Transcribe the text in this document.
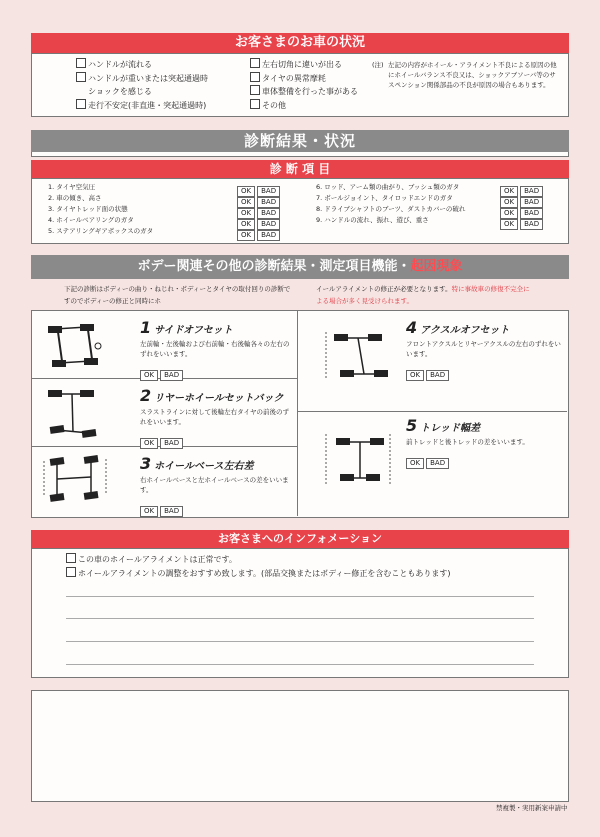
お客さまのお車の状況
ハンドルが流れる
ハンドルが重いまたは突起通過時
ショックを感じる
走行不安定(非直進・突起通過時)
左右切角に違いが出る
タイヤの異常摩耗
車体整備を行った事がある
その他
(注) 左記の内容がホイール・アライメント不良による原因の他にホイールバランス不良又は、ショックアブソーバ等のサスペンション関係部品の不良が原因の場合もあります。
診断結果・状況
診 断 項 目
1. タイヤ空気圧
2. 車の傾き、高さ
3. タイヤトレッド面の状態
4. ホイールベアリングのガタ
5. ステアリングギアボックスのガタ
OK BAD
OK BAD
OK BAD
OK BAD
OK BAD
6. ロッド、アーム類の曲がり、ブッシュ類のガタ
7. ボールジョイント、タイロッドエンドのガタ
8. ドライブシャフトのブーツ、ダストカバーの破れ
9. ハンドルの流れ、振れ、遊び、重さ
OK BAD
OK BAD
OK BAD
OK BAD
ボデー関連その他の診断結果・測定項目機能・起因現象
下記の診断はボディーの曲り・ねじれ・ボディーとタイヤの取付回りの診断ですのでボディーの修正と同時にホ
イールアライメントの修正が必要となります。特に事故車の修復不完全による場合が多く見受けられます。
1 サイドオフセット
左前輪・左後輪および右前輪・右後輪各々の左右のずれをいいます。
OK BAD
2 リヤーホイールセットバック
スラストラインに対して後輪左右タイヤの前後のずれをいいます。
OK BAD
3 ホイールベース左右差
右ホイールベースと左ホイールベースの差をいいます。
OK BAD
4 アクスルオフセット
フロントアクスルとリヤーアクスルの左右のずれをいいます。
OK BAD
5 トレッド幅差
前トレッドと後トレッドの差をいいます。
OK BAD
お客さまへのインフォメーション
この車のホイールアライメントは正常です。
ホイールアライメントの調整をおすすめ致します。(部品交換またはボディー修正を含むこともあります)
禁複製・実用新案申請中
